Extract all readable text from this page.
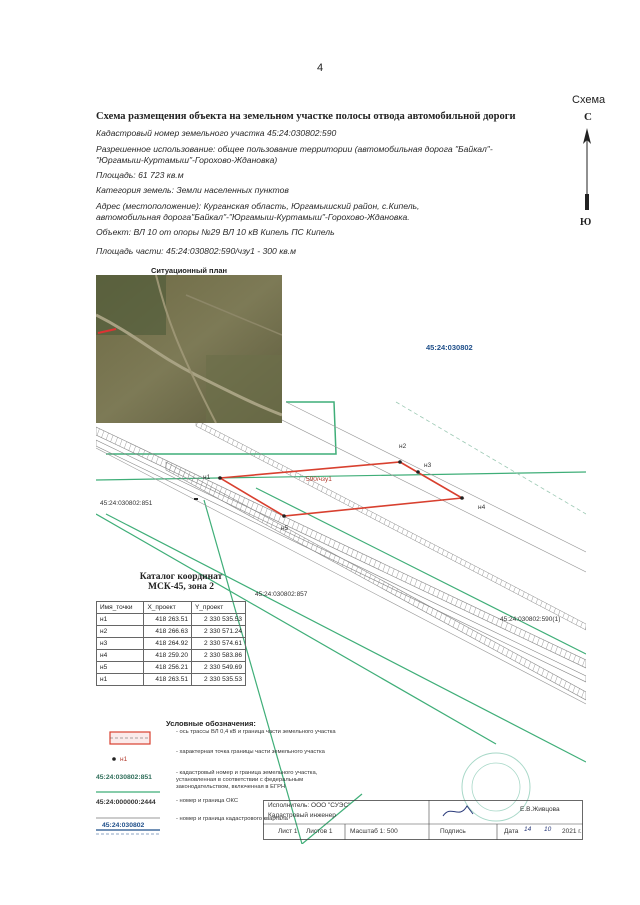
4
Схема
Схема размещения объекта на земельном участке полосы отвода автомобильной дороги
Кадастровый номер земельного участка 45:24:030802:590
Разрешенное использование: общее пользование территории (автомобильная дорога "Байкал"-
"Юргамыш-Куртамыш"-Горохово-Ждановка)
Площадь: 61 723 кв.м
Категория земель: Земли населенных пунктов
Адрес (местоположение): Курганская область, Юргамышский район, с.Кипель,
автомобильная дорога"Байкал"-"Юргамыш-Куртамыш"-Горохово-Ждановка.
Объект: ВЛ 10 от опоры №29 ВЛ 10 кВ Кипель ПС Кипель
Площадь части: 45:24:030802:590/чзу1 - 300 кв.м
С
Ю
Ситуационный план
45:24:030802
45:24:030802:851
45:24:030802:857
45:24:030802:590(1)
590/чзу1
н1
н2
н3
н4
н5
Каталог координат
МСК-45, зона 2
Имя_точки	X_проект	Y_проект
н1	418 263.51	2 330 535.53
н2	418 266.63	2 330 571.24
н3	418 264.92	2 330 574.61
н4	418 259.20	2 330 583.86
н5	418 256.21	2 330 549.69
н1	418 263.51	2 330 535.53
Условные обозначения:
- ось трассы ВЛ 0,4 кВ и граница части земельного участка
- характерная точка границы части земельного участка
- кадастровый номер и граница земельного участка, установленная в соответствии с федеральным законодательством, включенная в ЕГРН
- номер и граница ОКС
- номер и граница кадастрового квартала
н1
45:24:030802:851
45:24:000000:2444
45:24:030802
Исполнитель: ООО "СУЭС"
Кадастровый инженер
Е.В.Живцова
Лист 1 Листов 1	Масштаб 1: 500	Подпись	Дата 14 10 2021 г.
